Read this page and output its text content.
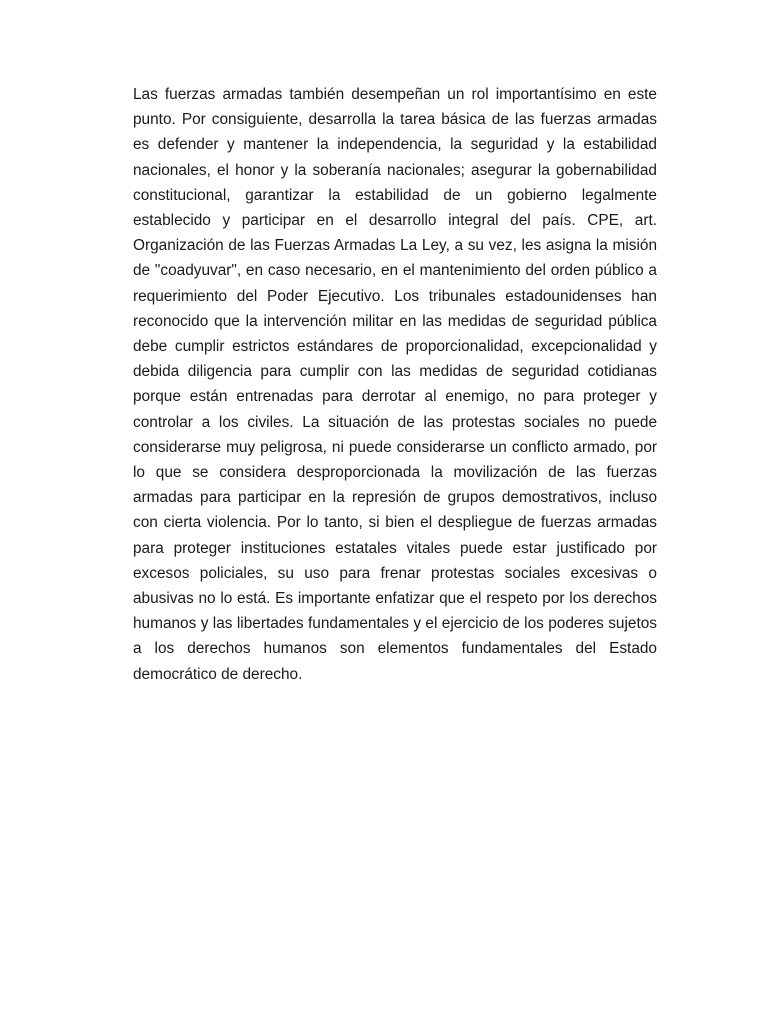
Las fuerzas armadas también desempeñan un rol importantísimo en este punto. Por consiguiente, desarrolla la tarea básica de las fuerzas armadas es defender y mantener la independencia, la seguridad y la estabilidad nacionales, el honor y la soberanía nacionales; asegurar la gobernabilidad constitucional, garantizar la estabilidad de un gobierno legalmente establecido y participar en el desarrollo integral del país. CPE, art. Organización de las Fuerzas Armadas La Ley, a su vez, les asigna la misión de "coadyuvar", en caso necesario, en el mantenimiento del orden público a requerimiento del Poder Ejecutivo. Los tribunales estadounidenses han reconocido que la intervención militar en las medidas de seguridad pública debe cumplir estrictos estándares de proporcionalidad, excepcionalidad y debida diligencia para cumplir con las medidas de seguridad cotidianas porque están entrenadas para derrotar al enemigo, no para proteger y controlar a los civiles. La situación de las protestas sociales no puede considerarse muy peligrosa, ni puede considerarse un conflicto armado, por lo que se considera desproporcionada la movilización de las fuerzas armadas para participar en la represión de grupos demostrativos, incluso con cierta violencia. Por lo tanto, si bien el despliegue de fuerzas armadas para proteger instituciones estatales vitales puede estar justificado por excesos policiales, su uso para frenar protestas sociales excesivas o abusivas no lo está. Es importante enfatizar que el respeto por los derechos humanos y las libertades fundamentales y el ejercicio de los poderes sujetos a los derechos humanos son elementos fundamentales del Estado democrático de derecho.
